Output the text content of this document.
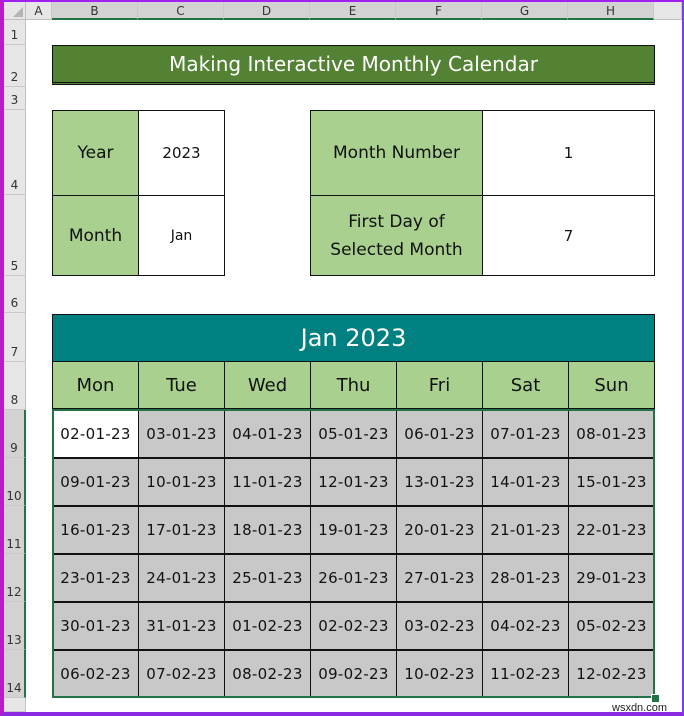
A	B	C	D	E	F	G	H
1
2
3
4
5
6
7
8
9
10
11
12
13
14
Making Interactive Monthly Calendar
Year	2023
Month	Jan
Month Number	1
First Day of
Selected Month
7
Jan 2023
Mon	Tue	Wed	Thu	Fri	Sat	Sun
02-01-23	03-01-23	04-01-23	05-01-23	06-01-23	07-01-23	08-01-23
09-01-23	10-01-23	11-01-23	12-01-23	13-01-23	14-01-23	15-01-23
16-01-23	17-01-23	18-01-23	19-01-23	20-01-23	21-01-23	22-01-23
23-01-23	24-01-23	25-01-23	26-01-23	27-01-23	28-01-23	29-01-23
30-01-23	31-01-23	01-02-23	02-02-23	03-02-23	04-02-23	05-02-23
06-02-23	07-02-23	08-02-23	09-02-23	10-02-23	11-02-23	12-02-23
wsxdn.com
